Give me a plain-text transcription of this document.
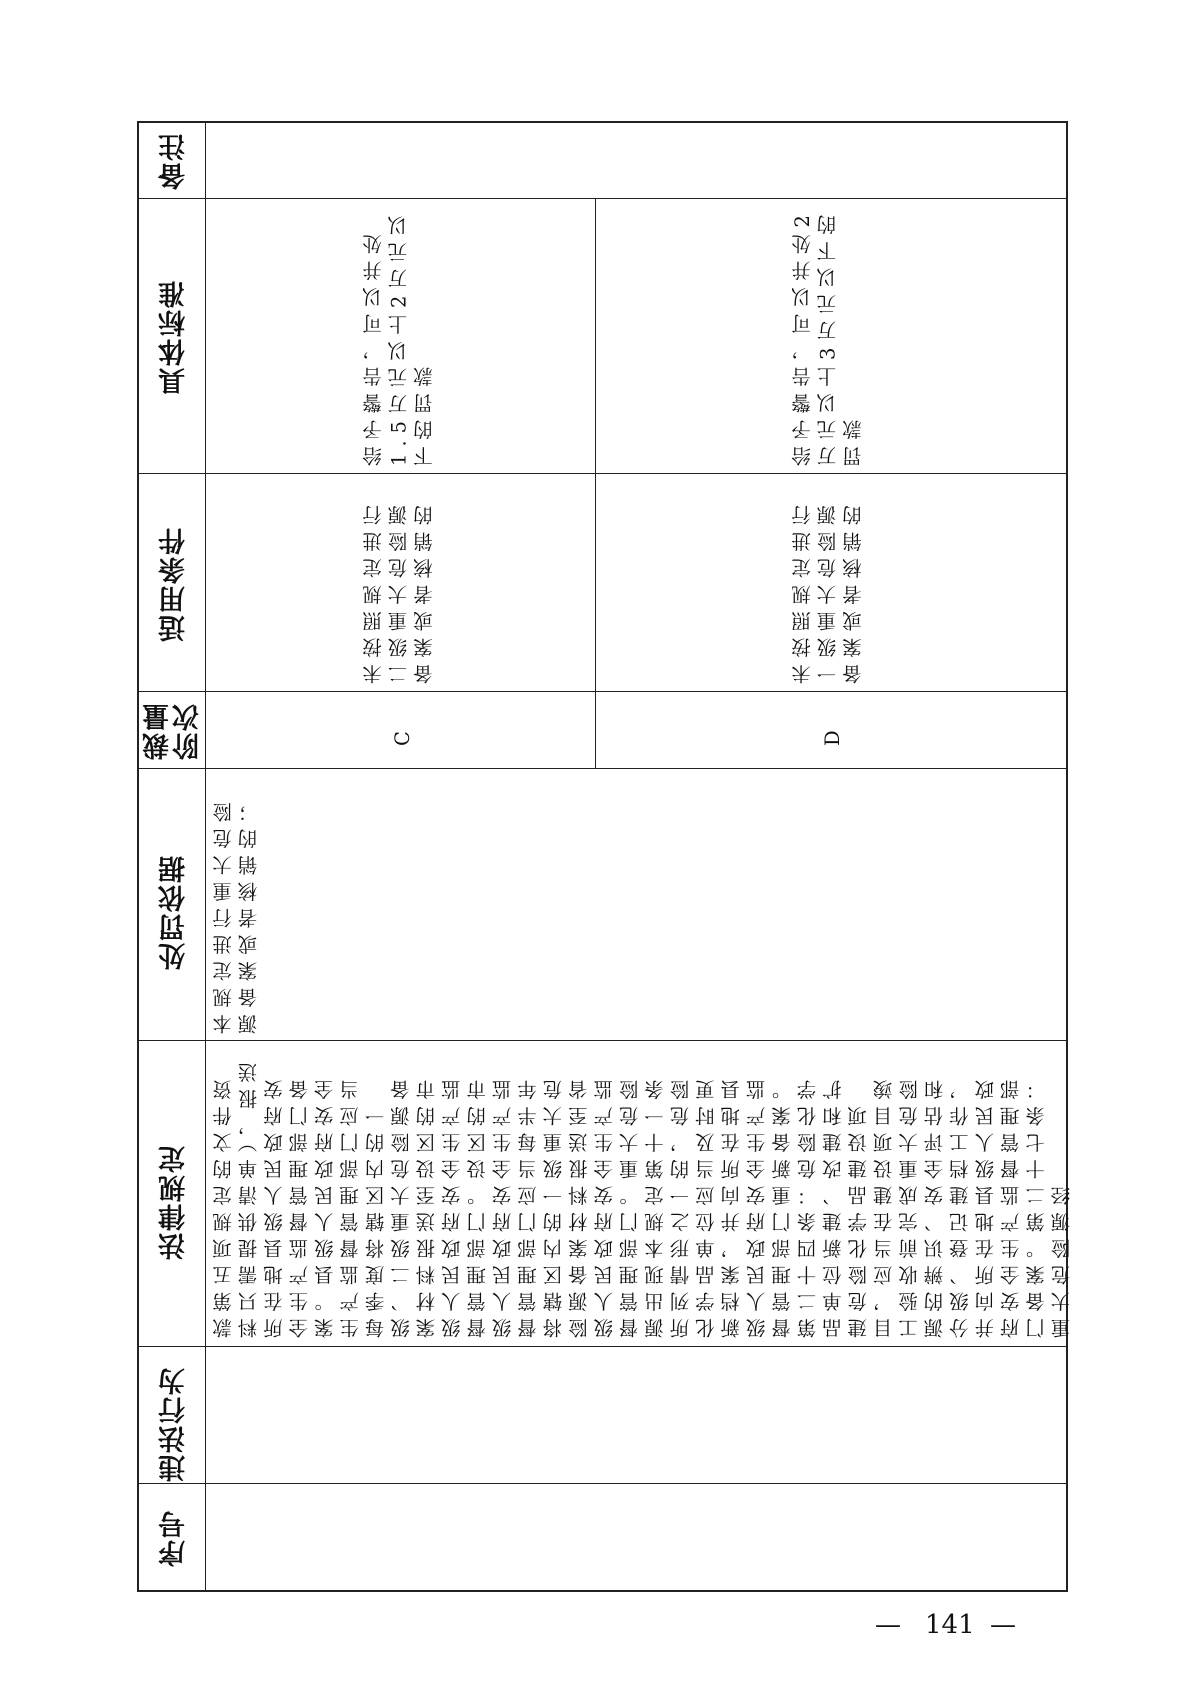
序号
违法行为
法律规定
处罚依据
裁量阶次
适用条件
具体标准
备注
款第五项规定的文件资料只需提供清单），报送所在地县级人民政府安全生产监督管理部门备案。县级人民政府安全生产监督管理部门应当每季度将辖区内的一级、二级重大危险源备案材料报送至设区的市级人民政府安全生产监督管理部门。设区的市级人民政府安全生产监督管理部门应当每半年将辖区内的一级重大危险源备案材料报送至省级人民政府安全生产监督管理部门。重大危险源出现本规定第十一条所列情形之一的，危险化学品单位应当及时更新档案，并向所在地县级人民政府安全生产监督管理部门重新备案。第二十四条：危险化学品单位新建、改建和扩建危险化学品建设项目，应当在建设项目竣工验收前完成重大危险源的辨识、安全评估和分级、登记建档工作，并向所在地县级人民政府安全生产监督管理部门备案。第二十七条：重大危险源经
本规定进行重大危险源备案或者核销的；
C
未按照规定进行二级重大危险源备案或者核销的
给予警告，可以并处1.5万元以上2万元以下的罚款
D
未按照规定进行一级重大危险源备案或者核销的
给予警告，可以并处2万元以上3万元以下的罚款
— 141 —
